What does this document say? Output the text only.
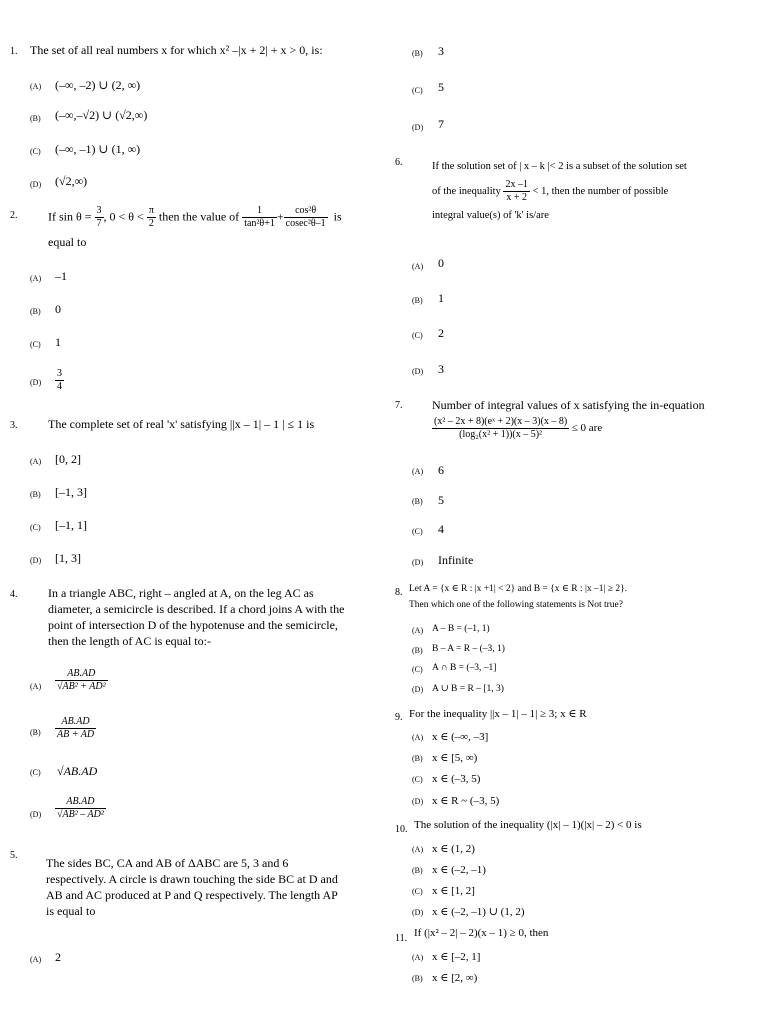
1. The set of all real numbers x for which x² –|x + 2| + x > 0, is:
(A) (–∞, –2) ∪ (2, ∞)
(B) (–∞,–√2) ∪ (√2,∞)
(C) (–∞, –1) ∪ (1, ∞)
(D) (√2,∞)
2.	If $\sin \theta = \frac{3}{7}$ , $0 < \theta < \frac{\pi}{2}$ then the value of $\frac{1}{\text{tan²θ+1}} + \frac{\text{cos²θ}}{\text{cosec²θ–1}}$ is
equal to
(A) –1
(B) 0
(C) 1
$(D) \frac{3}{4}$
3.	The complete set of real 'x' satisfying ||x – 1| – 1 | ≤ 1 is
(A) [0, 2]
(B) [–1, 3]
(C) [–1, 1]
(D) [1, 3]
4.	In a triangle ABC, right – angled at A, on the leg AC as
diameter, a semicircle is described. If a chord joins A with the
point of intersection D of the hypotenuse and the semicircle,
then the length of AC is equal to:-
$(A) \frac{AB.AD}{\text{√AB² + AD²}}$
$(B) \frac{AB.AD}{AB + AD}$
(C) √AB.AD
$(D) \frac{AB.AD}{\text{√AB² – AD²}}$
5.
The sides BC, CA and AB of ΔABC are 5, 3 and 6
respectively. A circle is drawn touching the side BC at D and
AB and AC produced at P and Q respectively. The length AP
is equal to
(A) 2
(B) 3
(C) 5
(D) 7
6.	If the solution set of | x – k |< 2 is a subset of the solution set
of the inequality $\frac{2x -1}{x + 2} < 1$, then the number of possible
integral value(s) of 'k' is/are
(A) 0
(B) 1
(C) 2
(D) 3
7. Number of integral values of x satisfying the in-equation
$\frac{\text{(x² – 2x + 8)(eˣ + 2)(x – 3)(x – 8)}}{\text{(log₂(x² + 1))(x – 5)²}} \le 0$ are
(A) 6
(B) 5
(C) 4
(D) Infinite
8. Let A = {x ∈ R : |x +1| < 2} and B = {x ∈ R : |x –1| ≥ 2}.
Then which one of the following statements is Not true?
(A) A – B = (–1, 1)
(B) B – A = R – (–3, 1)
(C) A ∩ B = (–3, –1]
(D) A ∪ B = R – [1, 3)
9. For the inequality ||x – 1| – 1| ≥ 3; x ∈ R
(A) x ∈ (–∞, –3]
(B) x ∈ [5, ∞)
(C) x ∈ (–3, 5)
(D) x ∈ R ~ (–3, 5)
10. The solution of the inequality (|x| – 1)(|x| – 2) < 0 is
(A) x ∈ (1, 2)
(B) x ∈ (–2, –1)
(C) x ∈ [1, 2]
(D) x ∈ (–2, –1) ∪ (1, 2)
11. If (|x² – 2| – 2)(x – 1) ≥ 0, then
(A) x ∈ [–2, 1]
(B) x ∈ [2, ∞)
